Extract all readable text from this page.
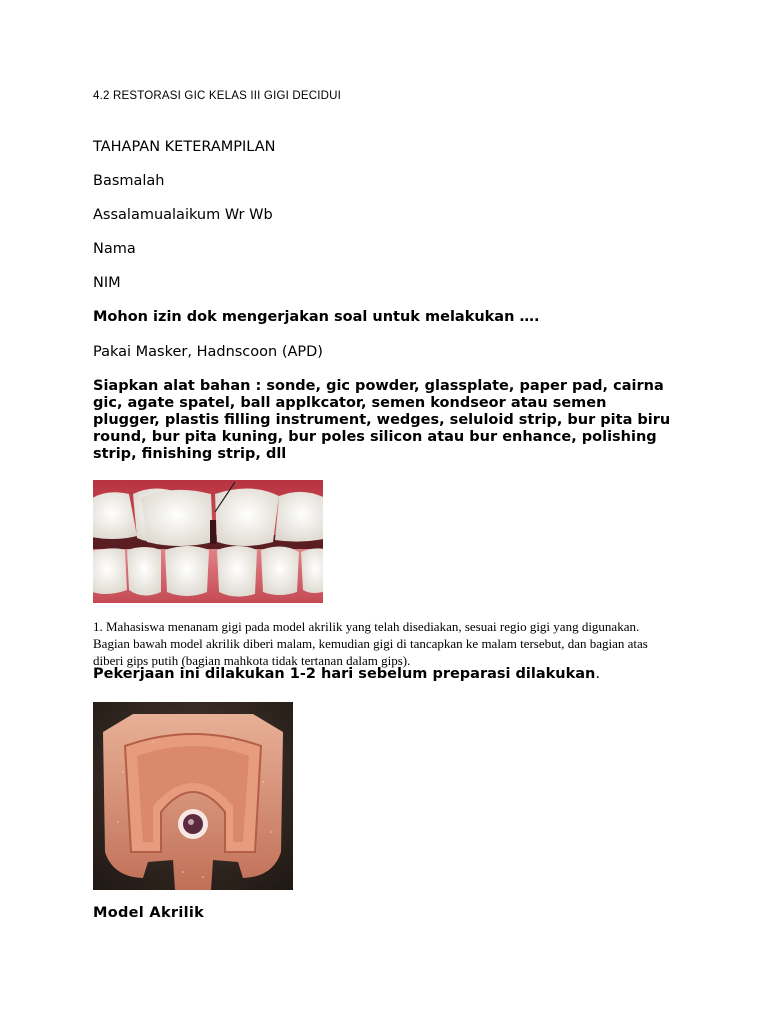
4.2 RESTORASI GIC KELAS III GIGI DECIDUI
TAHAPAN KETERAMPILAN
Basmalah
Assalamualaikum Wr Wb
Nama
NIM
Mohon izin dok mengerjakan soal untuk melakukan ….
Pakai Masker, Hadnscoon (APD)
Siapkan alat bahan : sonde, gic powder, glassplate, paper pad, cairna gic, agate spatel, ball applkcator, semen kondseor atau semen plugger, plastis filling instrument, wedges, seluloid strip, bur pita biru round, bur pita kuning, bur poles silicon atau bur enhance, polishing strip, finishing strip, dll
1. Mahasiswa menanam gigi pada model akrilik yang telah disediakan, sesuai regio gigi yang digunakan. Bagian bawah model akrilik diberi malam, kemudian gigi di tancapkan ke malam tersebut, dan bagian atas diberi gips putih (bagian mahkota tidak tertanan dalam gips).
Pekerjaan ini dilakukan 1-2 hari sebelum preparasi dilakukan.
Model Akrilik
